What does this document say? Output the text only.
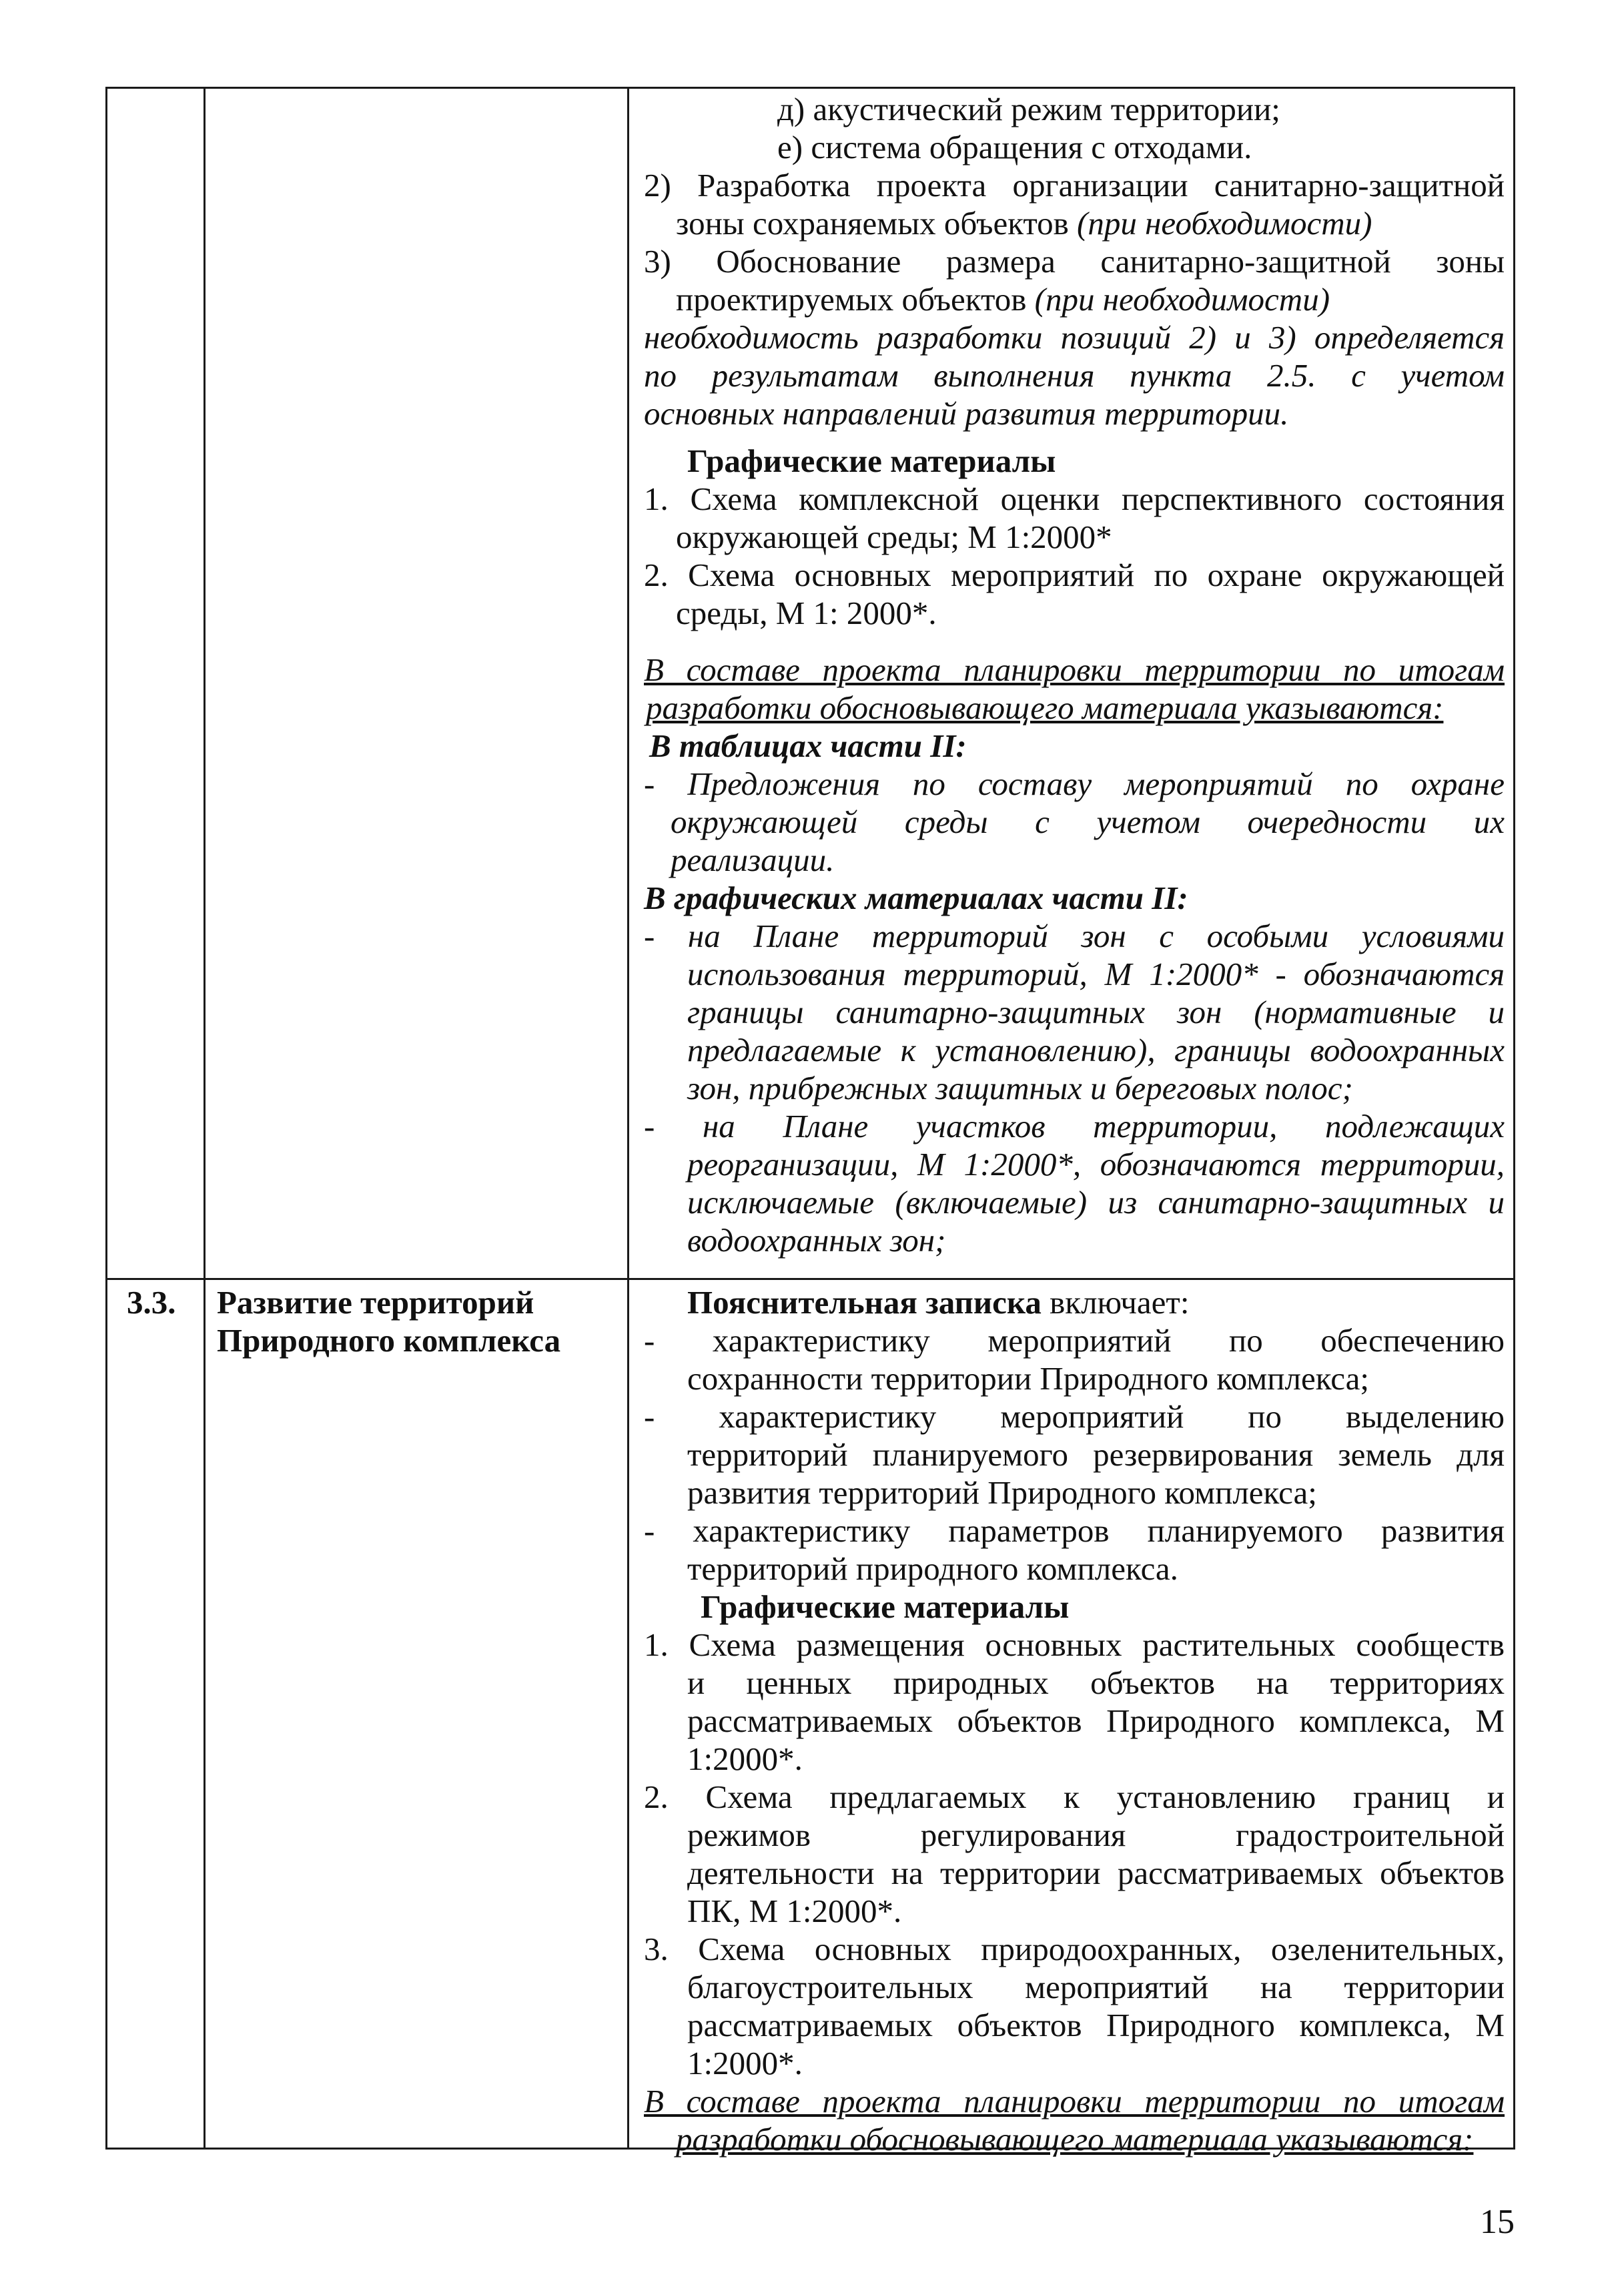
д) акустический режим территории;
е) система обращения с отходами.
2) Разработка проекта организации санитарно-защитной
зоны сохраняемых объектов (при необходимости)
3) Обоснование размера санитарно-защитной зоны
проектируемых объектов (при необходимости)
необходимость разработки позиций 2) и 3) определяется
по результатам выполнения пункта 2.5. с учетом
основных направлений развития территории.
Графические материалы
1. Схема комплексной оценки перспективного состояния
окружающей среды; М 1:2000*
2. Схема основных мероприятий по охране окружающей
среды, М 1: 2000*.
В составе проекта планировки территории по итогам
разработки обосновывающего материала указываются:
В таблицах части II:
- Предложения по составу мероприятий по охране
окружающей среды с учетом очередности их
реализации.
В графических материалах части II:
- на Плане территорий зон с особыми условиями
использования территорий, М 1:2000* - обозначаются
границы санитарно-защитных зон (нормативные и
предлагаемые к установлению), границы водоохранных
зон, прибрежных защитных и береговых полос;
- на Плане участков территории, подлежащих
реорганизации, М 1:2000*, обозначаются территории,
исключаемые (включаемые) из санитарно-защитных и
водоохранных зон;
3.3. Развитие территорий
Природного комплекса
Пояснительная записка включает:
- характеристику мероприятий по обеспечению
сохранности территории Природного комплекса;
- характеристику мероприятий по выделению
территорий планируемого резервирования земель для
развития территорий Природного комплекса;
- характеристику параметров планируемого развития
территорий природного комплекса.
Графические материалы
1. Схема размещения основных растительных сообществ
и ценных природных объектов на территориях
рассматриваемых объектов Природного комплекса, М
1:2000*.
2. Схема предлагаемых к установлению границ и
режимов регулирования градостроительной
деятельности на территории рассматриваемых объектов
ПК, М 1:2000*.
3. Схема основных природоохранных, озеленительных,
благоустроительных мероприятий на территории
рассматриваемых объектов Природного комплекса, М
1:2000*.
В составе проекта планировки территории по итогам
разработки обосновывающего материала указываются:
15
